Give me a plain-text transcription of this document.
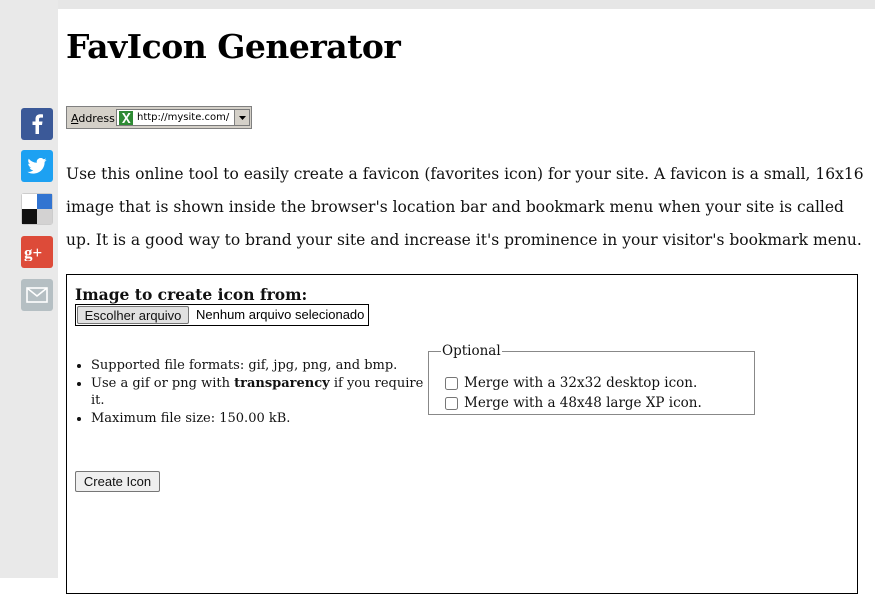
g+
FavIcon Generator
Address http://mysite.com/

Use this online tool to easily create a favicon (favorites icon) for your site. A favicon is a small, 16x16 image that is shown inside the browser's location bar and bookmark menu when your site is called up. It is a good way to brand your site and increase it's prominence in your visitor's bookmark menu.

Image to create icon from:
Escolher arquivo	Nenhum arquivo selecionado
• Supported file formats: gif, jpg, png, and bmp.
• Use a gif or png with transparency if you require it.
• Maximum file size: 150.00 kB.
Optional
Merge with a 32x32 desktop icon.
Merge with a 48x48 large XP icon.
Create Icon
